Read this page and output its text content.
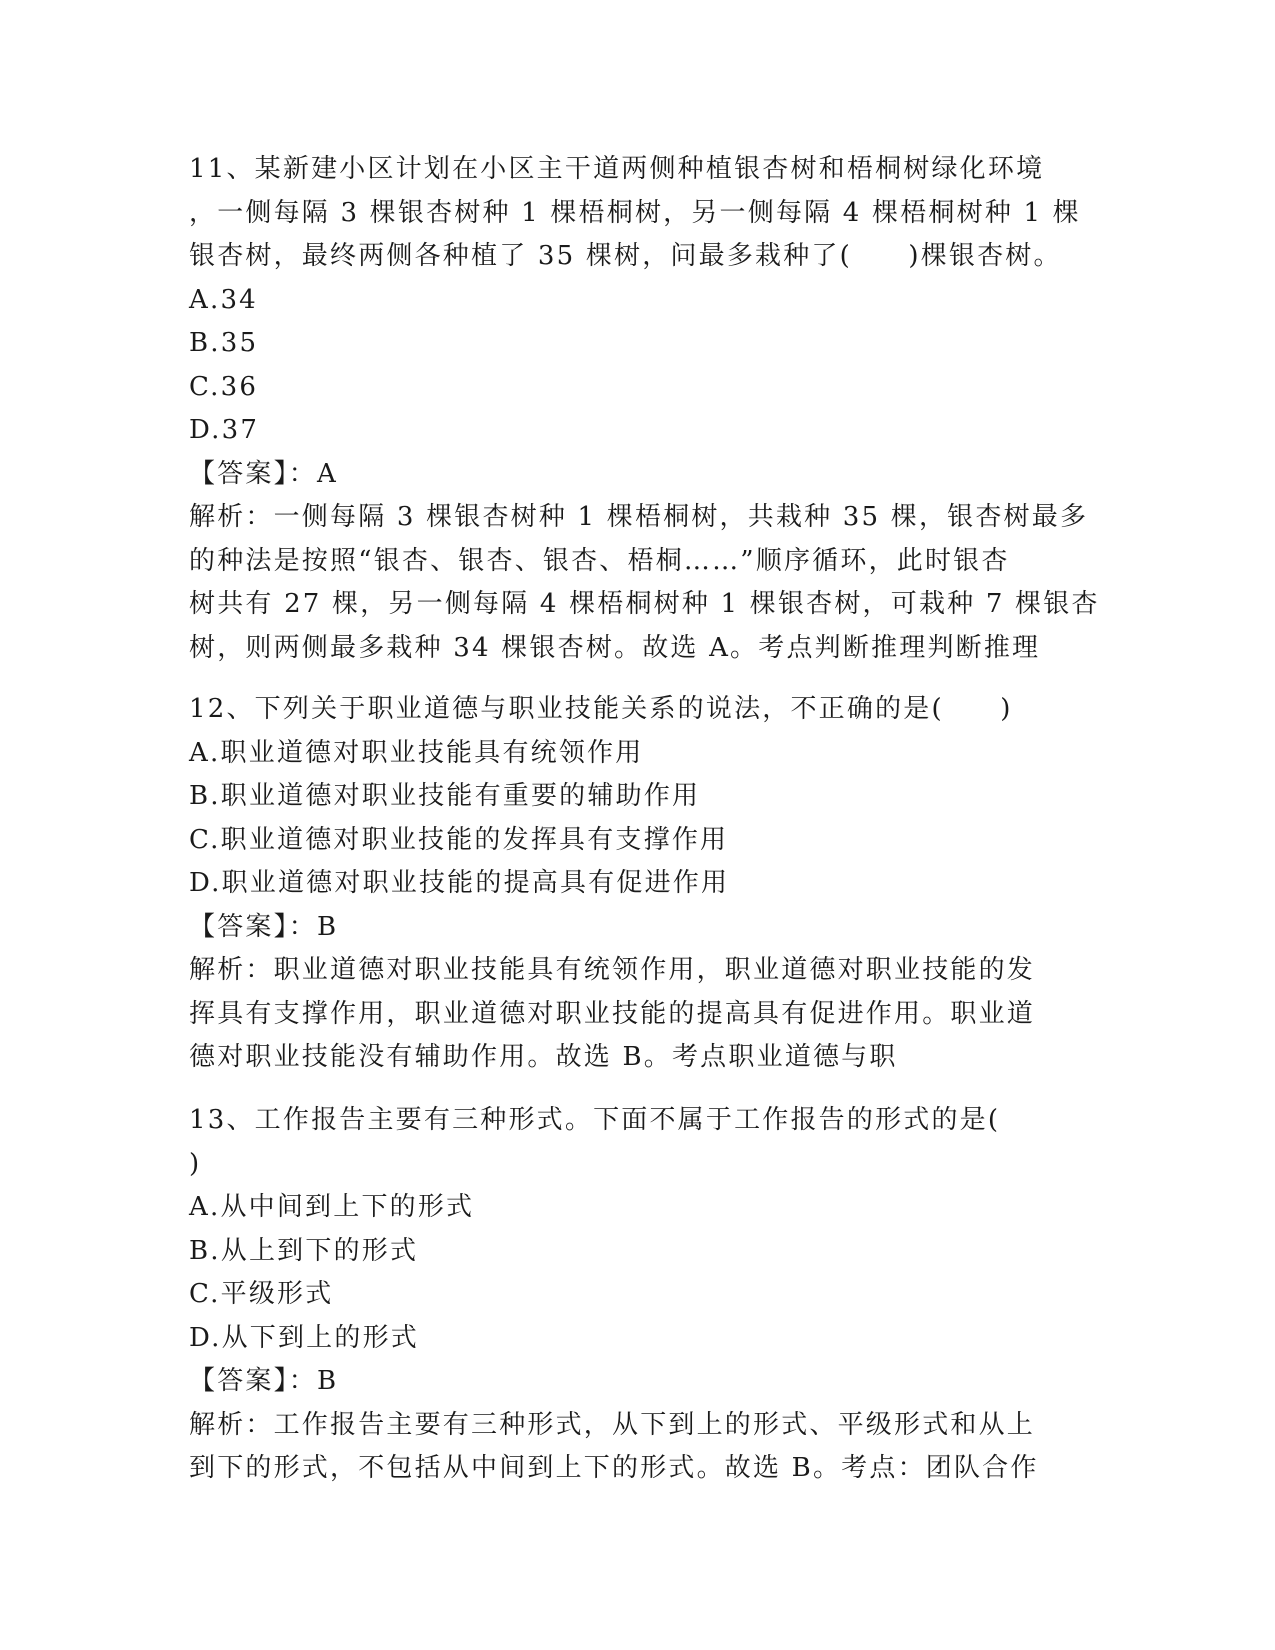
11、某新建小区计划在小区主干道两侧种植银杏树和梧桐树绿化环境
，一侧每隔 3 棵银杏树种 1 棵梧桐树，另一侧每隔 4 棵梧桐树种 1 棵
银杏树，最终两侧各种植了 35 棵树，问最多栽种了(　　)棵银杏树。
A.34
B.35
C.36
D.37
【答案】：A
解析：一侧每隔 3 棵银杏树种 1 棵梧桐树，共栽种 35 棵，银杏树最多
的种法是按照“银杏、银杏、银杏、梧桐……”顺序循环，此时银杏
树共有 27 棵，另一侧每隔 4 棵梧桐树种 1 棵银杏树，可栽种 7 棵银杏
树，则两侧最多栽种 34 棵银杏树。故选 A。考点判断推理判断推理
12、下列关于职业道德与职业技能关系的说法，不正确的是(　　)
A.职业道德对职业技能具有统领作用
B.职业道德对职业技能有重要的辅助作用
C.职业道德对职业技能的发挥具有支撑作用
D.职业道德对职业技能的提高具有促进作用
【答案】：B
解析：职业道德对职业技能具有统领作用，职业道德对职业技能的发
挥具有支撑作用，职业道德对职业技能的提高具有促进作用。职业道
德对职业技能没有辅助作用。故选 B。考点职业道德与职
13、工作报告主要有三种形式。下面不属于工作报告的形式的是(
)
A.从中间到上下的形式
B.从上到下的形式
C.平级形式
D.从下到上的形式
【答案】：B
解析：工作报告主要有三种形式，从下到上的形式、平级形式和从上
到下的形式，不包括从中间到上下的形式。故选 B。考点：团队合作
